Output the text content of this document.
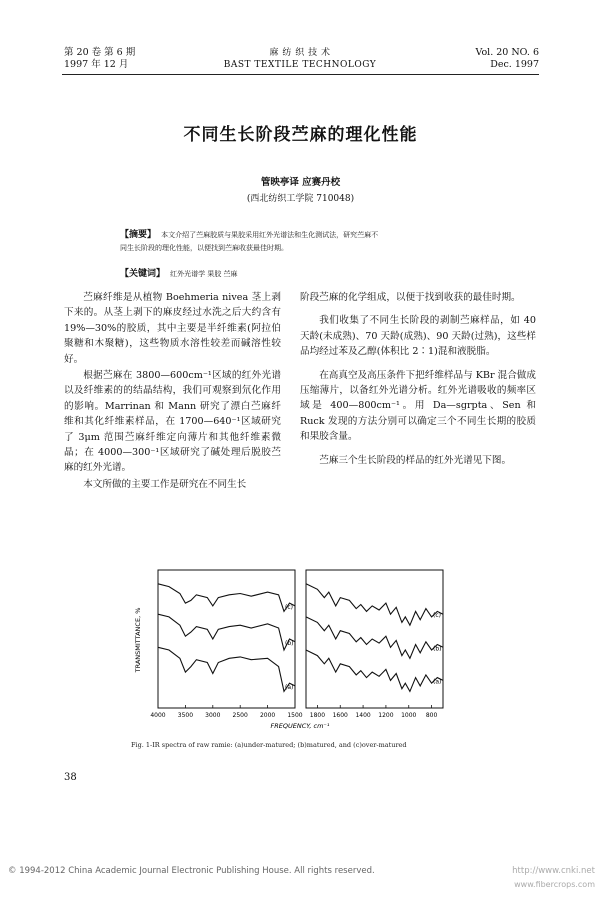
第 20 卷 第 6 期
1997 年 12 月
麻 纺 织 技 术
BAST TEXTILE TECHNOLOGY
Vol. 20 NO. 6
Dec. 1997
不同生长阶段苎麻的理化性能
管映亭译 应赛丹校
(西北纺织工学院 710048)
【摘要】 本文介绍了苎麻胶质与果胶采用红外光谱法和生化测试法，研究苎麻不
同生长阶段的理化性能，以便找到苎麻收获最佳时期。
【关键词】 红外光谱学 果胶 苎麻

苎麻纤维是从植物 Boehmeria nivea 茎上剥下来的。从茎上剥下的麻皮经过水洗之后大约含有 19%—30%的胶质，其中主要是半纤维素(阿拉伯聚糖和木聚糖)，这些物质水溶性较差而碱溶性较好。

根据苎麻在 3800—600cm⁻¹区域的红外光谱以及纤维素的的结晶结构，我们可观察到氘化作用的影响。Marrinan 和 Mann 研究了漂白苎麻纤维和其化纤维素样品，在 1700—640⁻¹区域研究了 3μm 范围苎麻纤维定向薄片和其他纤维素微晶；在 4000—300⁻¹区域研究了碱处理后脱胶苎麻的红外光谱。

本文所做的主要工作是研究在不同生长

阶段苎麻的化学组成，以便于找到收获的最佳时期。

我们收集了不同生长阶段的剥制苎麻样品，如 40 天龄(未成熟)、70 天龄(成熟)、90 天龄(过熟)，这些样品均经过苯及乙醇(体积比 2∶1)混和液脱脂。

在高真空及高压条件下把纤维样品与 KBr 混合做成压缩薄片，以备红外光谱分析。红外光谱吸收的频率区域是 400—800cm⁻¹。用 Da—sgrpta、Sen 和 Ruck 发现的方法分别可以确定三个不同生长期的胶质和果胶含量。

苎麻三个生长阶段的样品的红外光谱见下图。

TRANSMITTANCE, %
FREQUENCY, cm⁻¹
4000 3500 3000 2500 2000 1500
(c)
(b)
(a)
1800 1600 1400 1200 1000 800
(c)
(b)
(a)
Fig. 1-IR spectra of raw ramie: (a)under-matured; (b)matured, and (c)over-matured
38
© 1994-2012 China Academic Journal Electronic Publishing House. All rights reserved.	http://www.cnki.net
www.fibercrops.com
